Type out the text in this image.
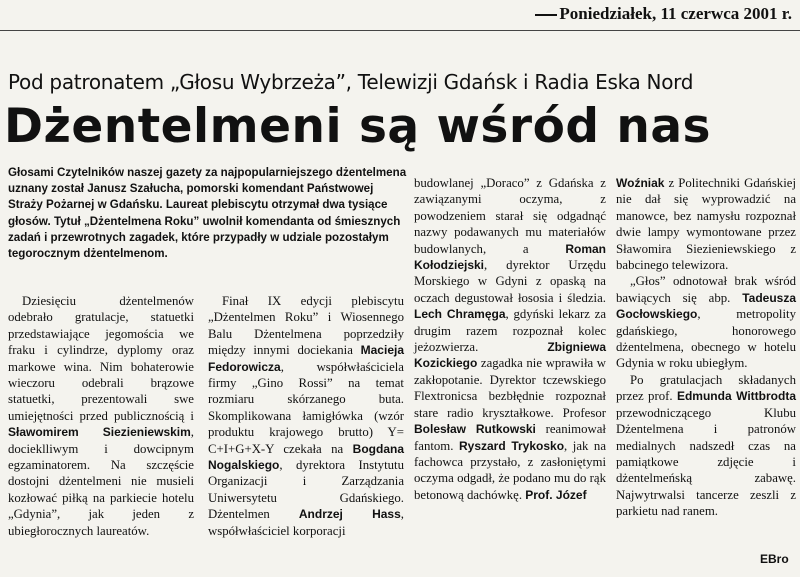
Poniedziałek, 11 czerwca 2001 r.
Pod patronatem „Głosu Wybrzeża”, Telewizji Gdańsk i Radia Eska Nord
Dżentelmeni są wśród nas

Głosami Czytelników naszej gazety za najpopularniejszego dżentelmena uznany został Janusz Szałucha, pomorski komendant Państwowej Straży Pożarnej w Gdańsku. Laureat plebiscytu otrzymał dwa tysiące głosów. Tytuł „Dżentelmena Roku” uwolnił komendanta od śmiesznych zadań i przewrotnych zagadek, które przypadły w udziale pozostałym tegorocznym dżentelmenom.

Dziesięciu dżentelmenów odebrało gratulacje, statuetki przedstawiające jegomościa we fraku i cylindrze, dyplomy oraz markowe wina. Nim bohaterowie wieczoru odebrali brązowe statuetki, prezentowali swe umiejętności przed publicznością i Sławomirem Siezieniewskim, docieklliwym i dowcipnym egzaminatorem. Na szczęście dostojni dżentelmeni nie musieli kozłować piłką na parkiecie hotelu „Gdynia”, jak jeden z ubiegłorocznych laureatów.

Finał IX edycji plebiscytu „Dżentelmen Roku” i Wiosennego Balu Dżentelmena poprzedziły między innymi dociekania Macieja Fedorowicza, współwłaściciela firmy „Gino Rossi” na temat rozmiaru skórzanego buta. Skomplikowana łamigłówka (wzór produktu krajowego brutto) Y= C+I+G+X-Y czekała na Bogdana Nogalskiego, dyrektora Instytutu Organizacji i Zarządzania Uniwersytetu Gdańskiego. Dżentelmen Andrzej Hass, współwłaściciel korporacji

budowlanej „Doraco” z Gdańska z zawiązanymi oczyma, z powodzeniem starał się odgadnąć nazwy podawanych mu materiałów budowlanych, a Roman Kołodziejski, dyrektor Urzędu Morskiego w Gdyni z opaską na oczach degustował łososia i śledzia. Lech Chramęga, gdyński lekarz za drugim razem rozpoznał kolec jeżozwierza. Zbigniewa Kozickiego zagadka nie wprawiła w zakłopotanie. Dyrektor tczewskiego Flextronicsa bezbłędnie rozpoznał stare radio kryształkowe. Profesor Bolesław Rutkowski reanimował fantom. Ryszard Trykosko, jak na fachowca przystało, z zasłoniętymi oczyma odgadł, że podano mu do rąk betonową dachówkę. Prof. Józef

Woźniak z Politechniki Gdańskiej nie dał się wyprowadzić na manowce, bez namysłu rozpoznał dwie lampy wymontowane przez Sławomira Siezieniewskiego z babcinego telewizora.

„Głos” odnotował brak wśród bawiących się abp. Tadeusza Gocłowskiego, metropolity gdańskiego, honorowego dżentelmena, obecnego w hotelu Gdynia w roku ubiegłym.

Po gratulacjach składanych przez prof. Edmunda Wittbrodta przewodniczącego Klubu Dżentelmena i patronów medialnych nadszedł czas na pamiątkowe zdjęcie i dżentelmeńską zabawę. Najwytrwalsi tancerze zeszli z parkietu nad ranem.

EBro
